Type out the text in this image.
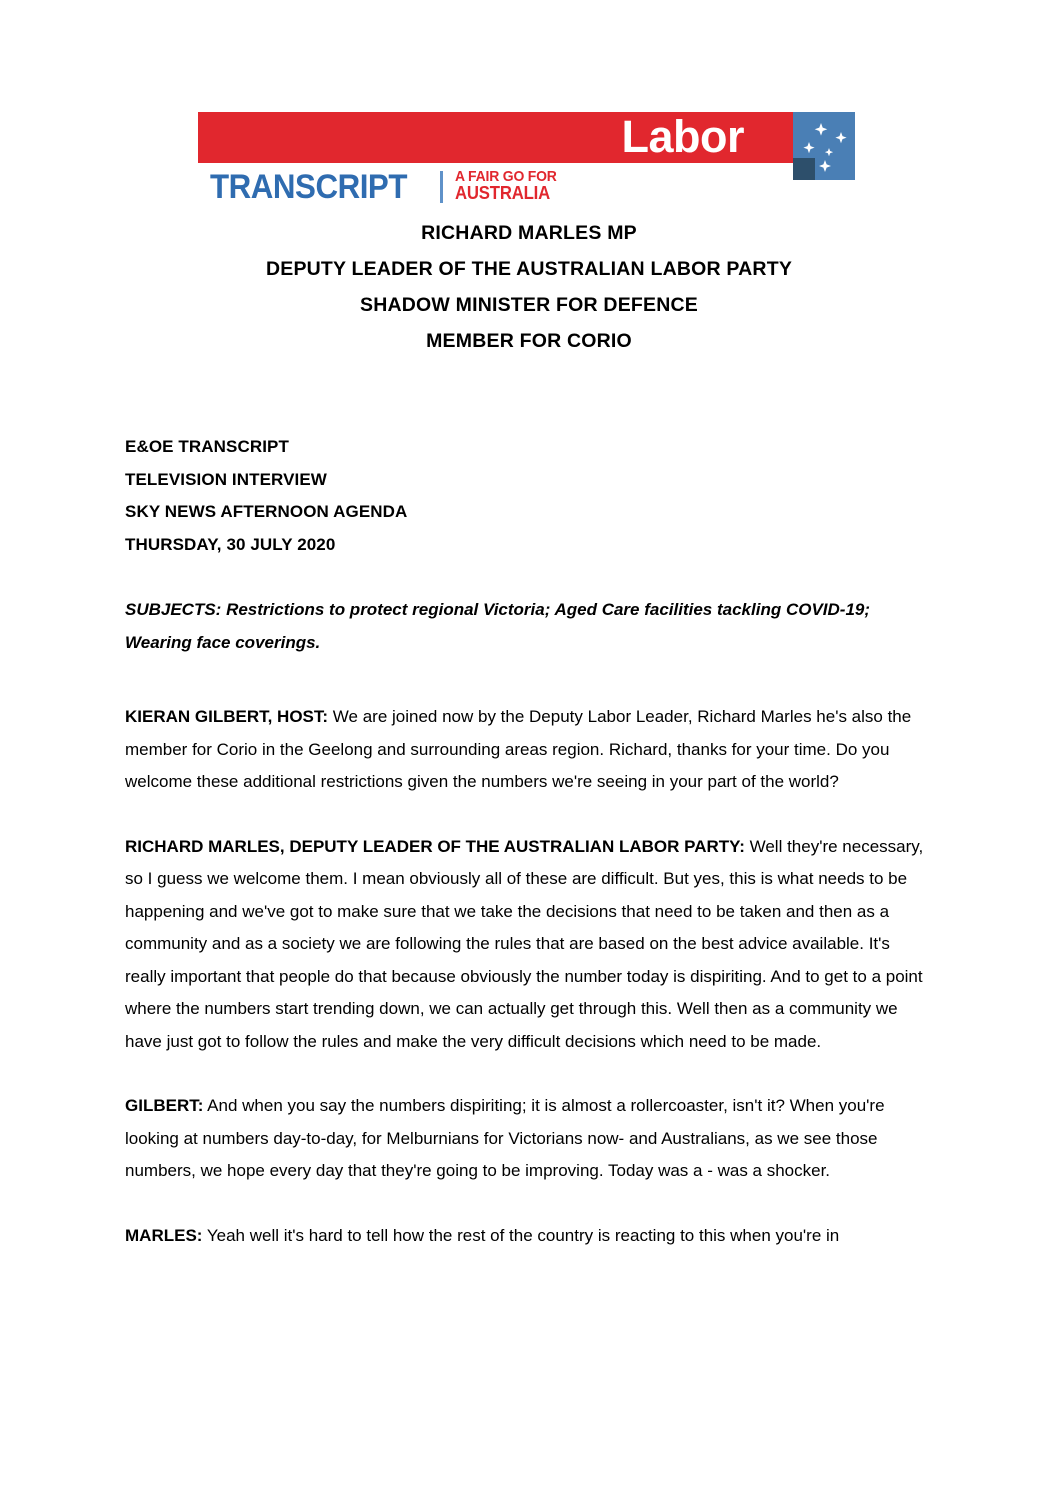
Labor
TRANSCRIPT	A FAIR GO FOR
AUSTRALIA
RICHARD MARLES MP
DEPUTY LEADER OF THE AUSTRALIAN LABOR PARTY
SHADOW MINISTER FOR DEFENCE
MEMBER FOR CORIO
E&OE TRANSCRIPT
TELEVISION INTERVIEW
SKY NEWS AFTERNOON AGENDA
THURSDAY, 30 JULY 2020

SUBJECTS: Restrictions to protect regional Victoria; Aged Care facilities tackling COVID-19; Wearing face coverings.

KIERAN GILBERT, HOST: We are joined now by the Deputy Labor Leader, Richard Marles he's also the member for Corio in the Geelong and surrounding areas region. Richard, thanks for your time. Do you welcome these additional restrictions given the numbers we're seeing in your part of the world?

RICHARD MARLES, DEPUTY LEADER OF THE AUSTRALIAN LABOR PARTY: Well they're necessary, so I guess we welcome them. I mean obviously all of these are difficult. But yes, this is what needs to be happening and we've got to make sure that we take the decisions that need to be taken and then as a community and as a society we are following the rules that are based on the best advice available. It's really important that people do that because obviously the number today is dispiriting. And to get to a point where the numbers start trending down, we can actually get through this. Well then as a community we have just got to follow the rules and make the very difficult decisions which need to be made.

GILBERT: And when you say the numbers dispiriting; it is almost a rollercoaster, isn't it? When you're looking at numbers day-to-day, for Melburnians for Victorians now- and Australians, as we see those numbers, we hope every day that they're going to be improving. Today was a - was a shocker.

MARLES: Yeah well it's hard to tell how the rest of the country is reacting to this when you're in
